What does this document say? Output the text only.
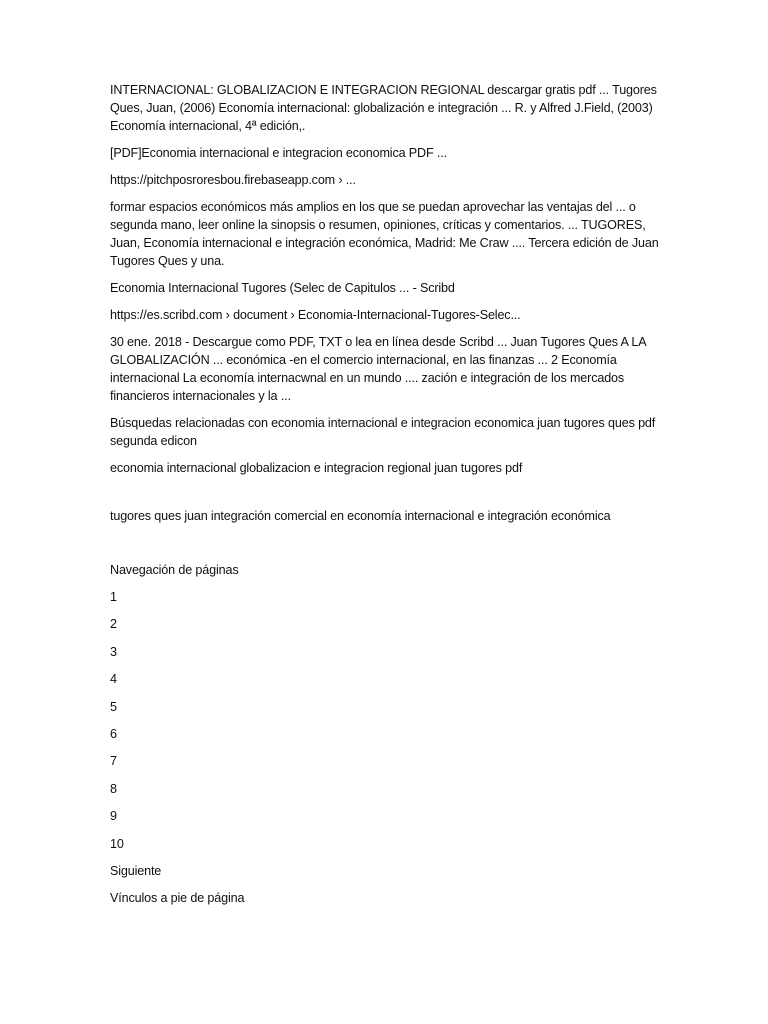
INTERNACIONAL: GLOBALIZACION E INTEGRACION REGIONAL descargar gratis pdf ... Tugores Ques, Juan, (2006) Economía internacional: globalización e integración ... R. y Alfred J.Field, (2003) Economía internacional, 4ª edición,.

[PDF]Economia internacional e integracion economica PDF ...

https://pitchposroresbou.firebaseapp.com › ...

formar espacios económicos más amplios en los que se puedan aprovechar las ventajas del ... o segunda mano, leer online la sinopsis o resumen, opiniones, críticas y comentarios. ... TUGORES, Juan, Economía internacional e integración económica, Madrid: Me Craw .... Tercera edición de Juan Tugores Ques y una.

Economia Internacional Tugores (Selec de Capitulos ... - Scribd

https://es.scribd.com › document › Economia-Internacional-Tugores-Selec...

30 ene. 2018 - Descargue como PDF, TXT o lea en línea desde Scribd ... Juan Tugores Ques A LA GLOBALIZACIÓN ... económica -en el comercio internacional, en las finanzas ... 2 Economía internacional La economía internacwnal en un mundo .... zación e integración de los mercados financieros internacionales y la ...

Búsquedas relacionadas con economia internacional e integracion economica juan tugores ques pdf segunda edicon

economia internacional globalizacion e integracion regional juan tugores pdf

tugores ques juan integración comercial en economía internacional e integración económica

Navegación de páginas

1
2
3
4
5
6
7
8
9
10
Siguiente
Vínculos a pie de página
